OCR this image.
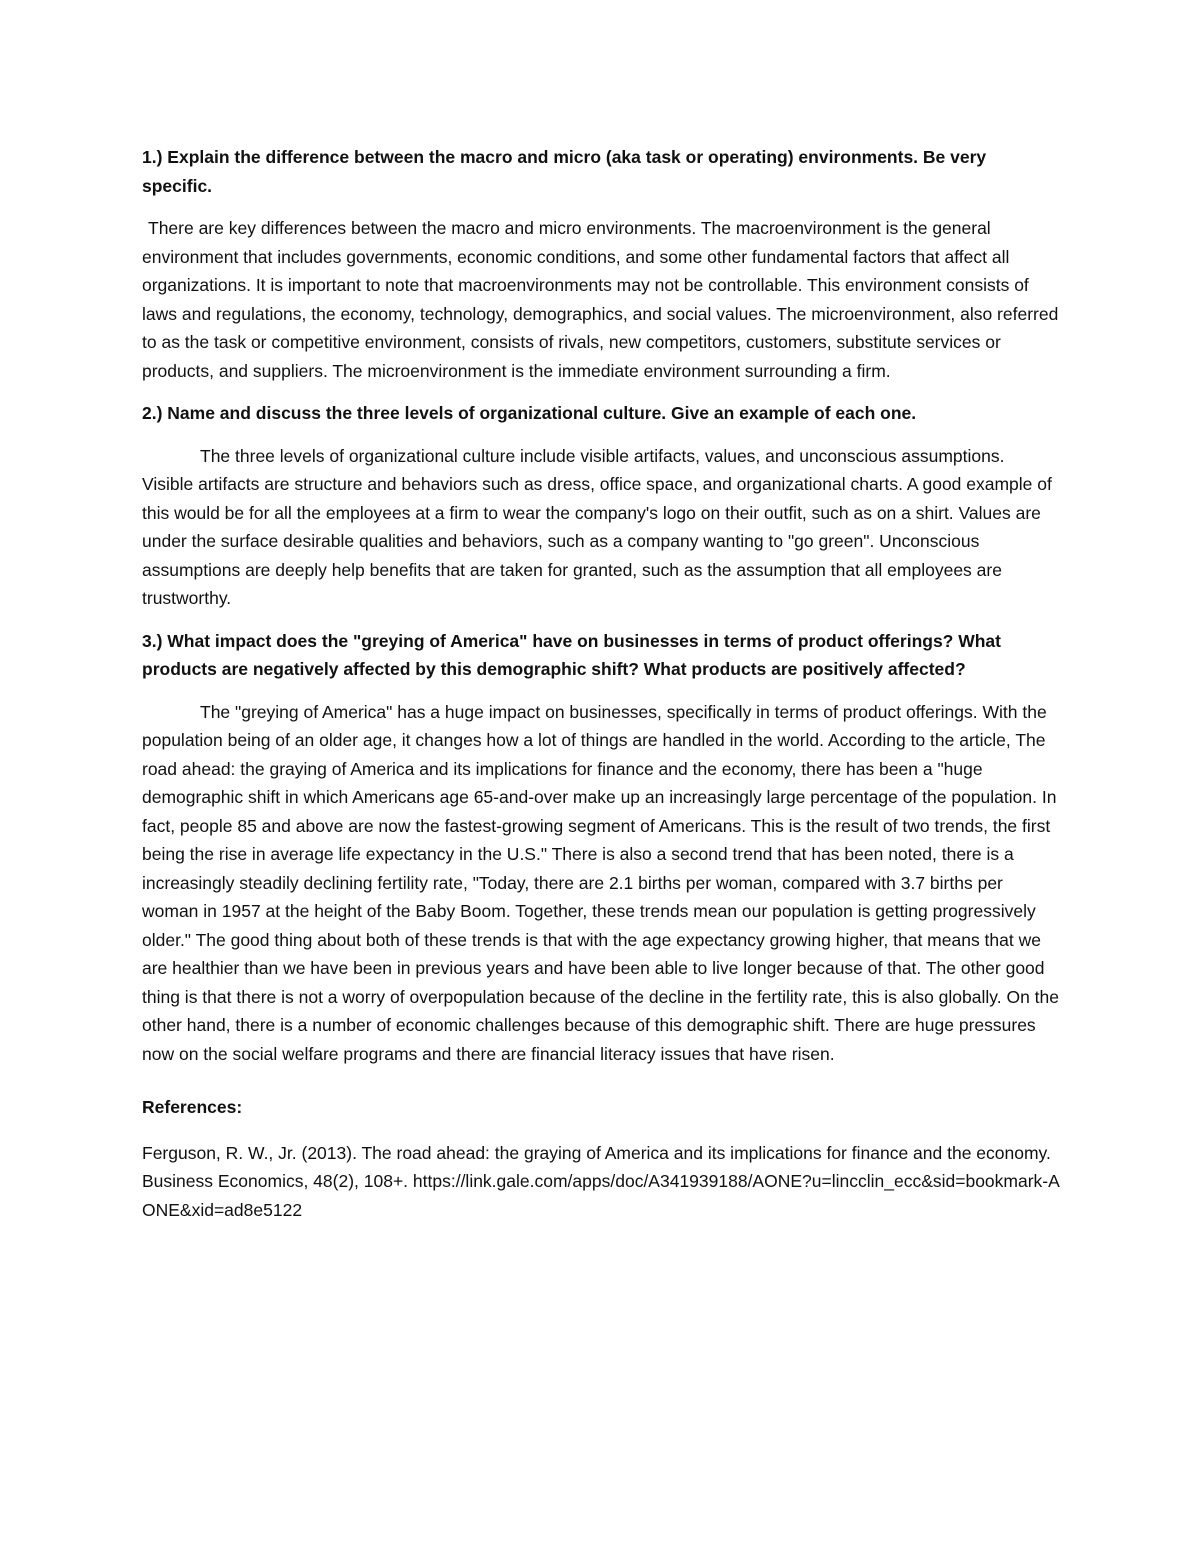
1.) Explain the difference between the macro and micro (aka task or operating) environments. Be very specific.

There are key differences between the macro and micro environments. The macroenvironment is the general environment that includes governments, economic conditions, and some other fundamental factors that affect all organizations. It is important to note that macroenvironments may not be controllable. This environment consists of laws and regulations, the economy, technology, demographics, and social values. The microenvironment, also referred to as the task or competitive environment, consists of rivals, new competitors, customers, substitute services or products, and suppliers. The microenvironment is the immediate environment surrounding a firm.

2.) Name and discuss the three levels of organizational culture. Give an example of each one.

The three levels of organizational culture include visible artifacts, values, and unconscious assumptions. Visible artifacts are structure and behaviors such as dress, office space, and organizational charts. A good example of this would be for all the employees at a firm to wear the company's logo on their outfit, such as on a shirt. Values are under the surface desirable qualities and behaviors, such as a company wanting to "go green". Unconscious assumptions are deeply help benefits that are taken for granted, such as the assumption that all employees are trustworthy.

3.) What impact does the "greying of America" have on businesses in terms of product offerings? What products are negatively affected by this demographic shift? What products are positively affected?

The "greying of America" has a huge impact on businesses, specifically in terms of product offerings. With the population being of an older age, it changes how a lot of things are handled in the world. According to the article, The road ahead: the graying of America and its implications for finance and the economy, there has been a "huge demographic shift in which Americans age 65-and-over make up an increasingly large percentage of the population. In fact, people 85 and above are now the fastest-growing segment of Americans. This is the result of two trends, the first being the rise in average life expectancy in the U.S." There is also a second trend that has been noted, there is a increasingly steadily declining fertility rate, "Today, there are 2.1 births per woman, compared with 3.7 births per woman in 1957 at the height of the Baby Boom. Together, these trends mean our population is getting progressively older." The good thing about both of these trends is that with the age expectancy growing higher, that means that we are healthier than we have been in previous years and have been able to live longer because of that. The other good thing is that there is not a worry of overpopulation because of the decline in the fertility rate, this is also globally. On the other hand, there is a number of economic challenges because of this demographic shift. There are huge pressures now on the social welfare programs and there are financial literacy issues that have risen.

References:

Ferguson, R. W., Jr. (2013). The road ahead: the graying of America and its implications for finance and the economy. Business Economics, 48(2), 108+. https://link.gale.com/apps/doc/A341939188/AONE?u=lincclin_ecc&sid=bookmark-AONE&xid=ad8e5122
